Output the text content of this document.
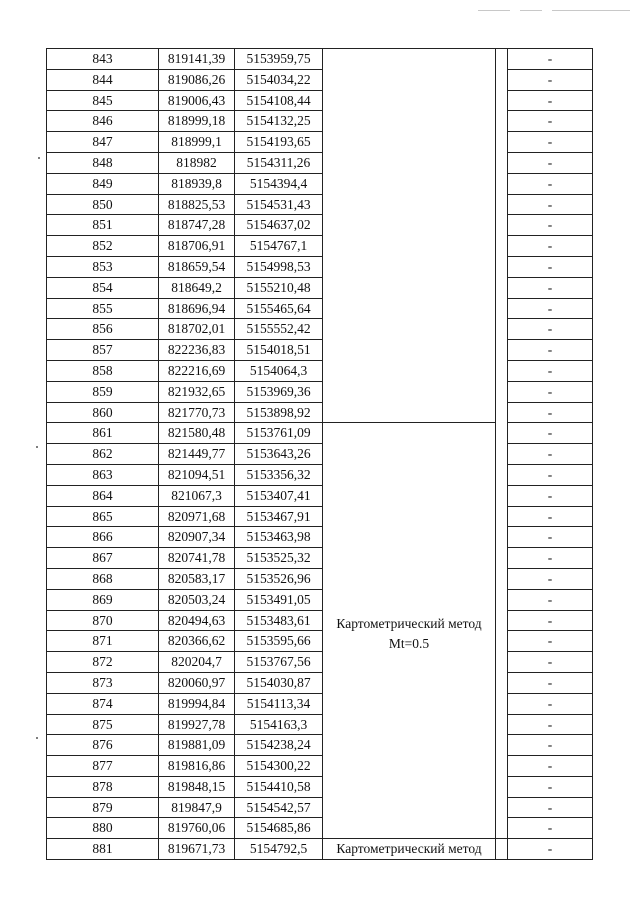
843	819141,39	5153959,75			-
844	819086,26	5154034,22			-
845	819006,43	5154108,44			-
846	818999,18	5154132,25			-
847	818999,1	5154193,65			-
848	818982	5154311,26			-
849	818939,8	5154394,4			-
850	818825,53	5154531,43			-
851	818747,28	5154637,02			-
852	818706,91	5154767,1			-
853	818659,54	5154998,53			-
854	818649,2	5155210,48			-
855	818696,94	5155465,64			-
856	818702,01	5155552,42			-
857	822236,83	5154018,51			-
858	822216,69	5154064,3			-
859	821932,65	5153969,36			-
860	821770,73	5153898,92			-
861	821580,48	5153761,09	Картометрический метод
Mt=0.5		-
862	821449,77	5153643,26			-
863	821094,51	5153356,32			-
864	821067,3	5153407,41			-
865	820971,68	5153467,91			-
866	820907,34	5153463,98			-
867	820741,78	5153525,32			-
868	820583,17	5153526,96			-
869	820503,24	5153491,05			-
870	820494,63	5153483,61			-
871	820366,62	5153595,66			-
872	820204,7	5153767,56			-
873	820060,97	5154030,87			-
874	819994,84	5154113,34			-
875	819927,78	5154163,3			-
876	819881,09	5154238,24			-
877	819816,86	5154300,22			-
878	819848,15	5154410,58			-
879	819847,9	5154542,57			-
880	819760,06	5154685,86			-
881	819671,73	5154792,5	Картометрический метод		-
